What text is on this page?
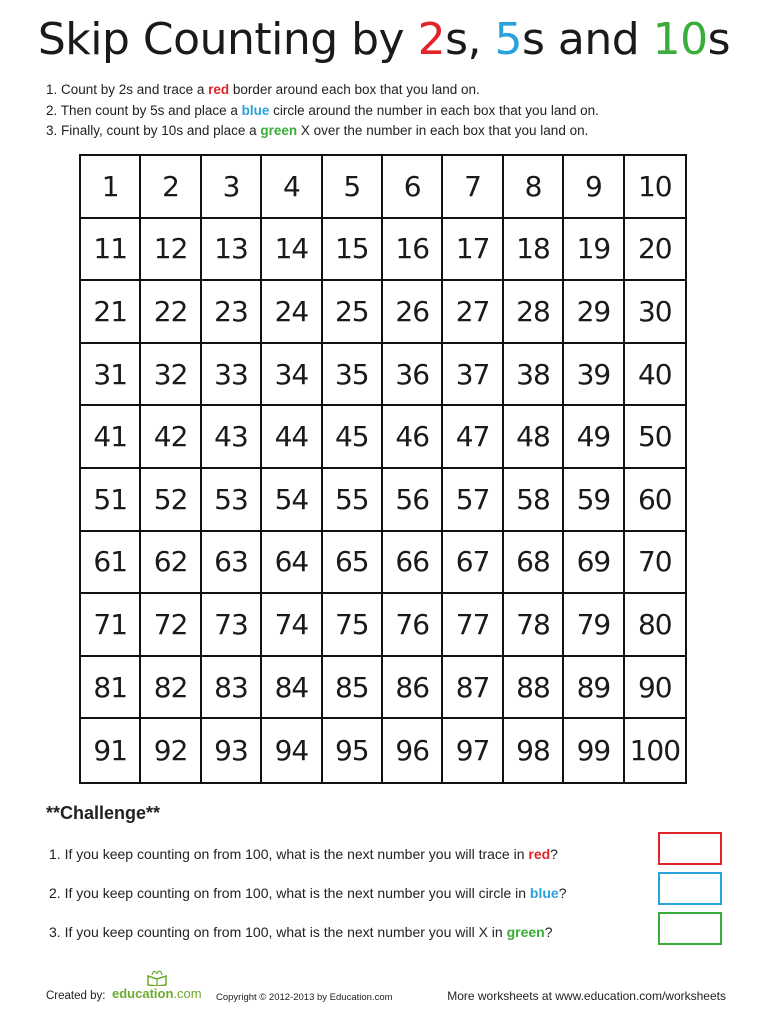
Skip Counting by 2s, 5s and 10s
1. Count by 2s and trace a red border around each box that you land on.
2. Then count by 5s and place a blue circle around the number in each box that you land on.
3. Finally, count by 10s and place a green X over the number in each box that you land on.
1	2	3	4	5	6	7	8	9	10
11 12 13 14 15 16 17 18 19 20
21 22 23 24 25 26 27 28 29 30
31 32 33 34 35 36 37 38 39 40
41 42 43 44 45 46 47 48 49 50
51 52 53 54 55 56 57 58 59 60
61 62 63 64 65 66 67 68 69 70
71 72 73 74 75 76 77 78 79 80
81 82 83 84 85 86 87 88 89 90
91 92 93 94 95 96 97 98 99 100
**Challenge**
1. If you keep counting on from 100, what is the next number you will trace in red?
2. If you keep counting on from 100, what is the next number you will circle in blue?
3. If you keep counting on from 100, what is the next number you will X in green?
Created by: education.com Copyright © 2012-2013 by Education.com	More worksheets at www.education.com/worksheets
